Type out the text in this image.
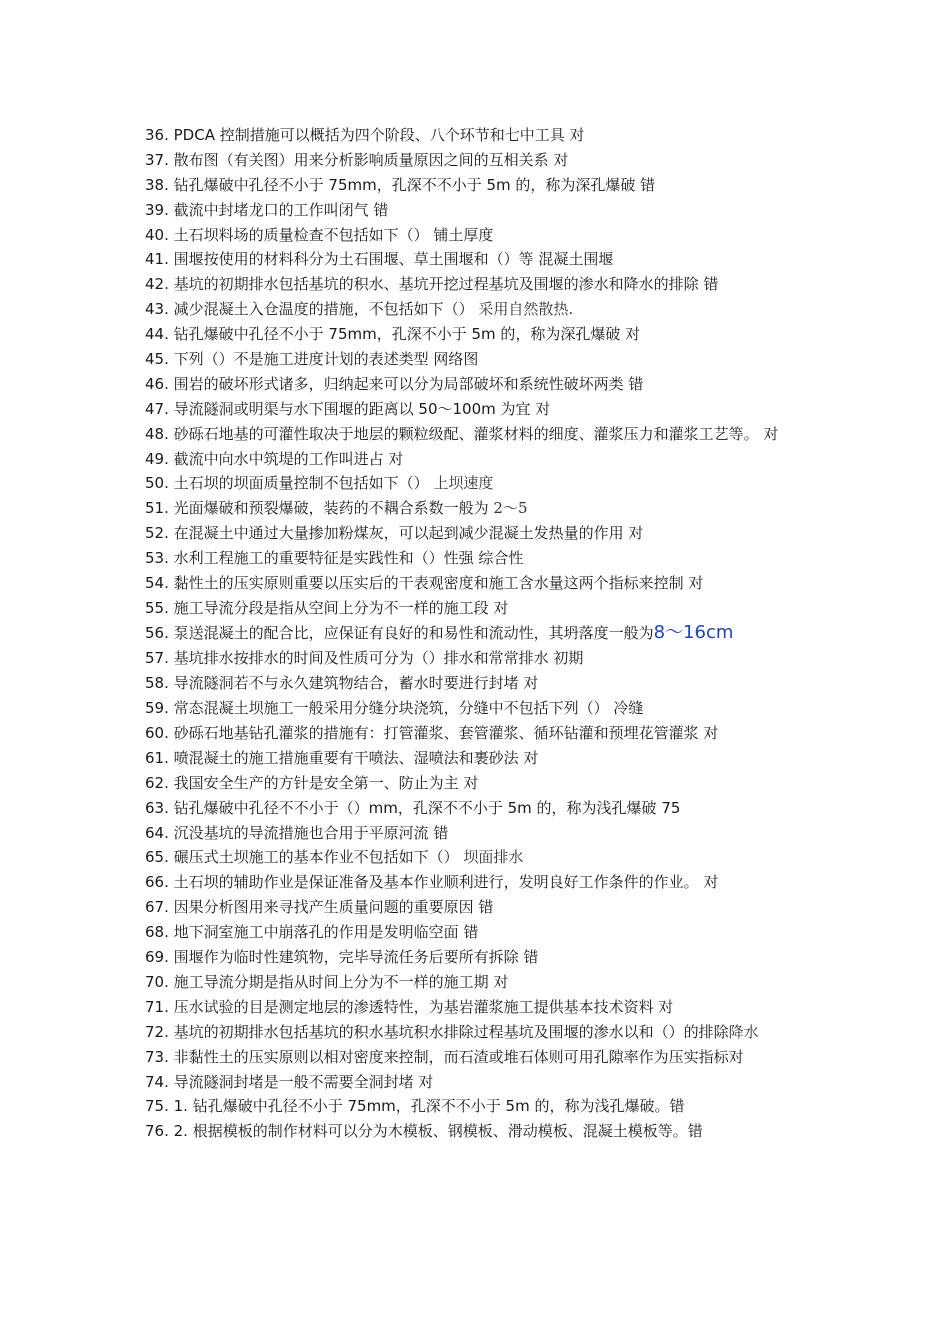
36. PDCA 控制措施可以概括为四个阶段、八个环节和七中工具 对
37. 散布图（有关图）用来分析影响质量原因之间的互相关系 对
38. 钻孔爆破中孔径不小于 75mm，孔深不不小于 5m 的，称为深孔爆破 错
39. 截流中封堵龙口的工作叫闭气 错
40. 土石坝料场的质量检查不包括如下（） 铺土厚度
41. 围堰按使用的材料科分为土石围堰、草土围堰和（）等 混凝土围堰
42. 基坑的初期排水包括基坑的积水、基坑开挖过程基坑及围堰的渗水和降水的排除 错
43. 减少混凝土入仓温度的措施，不包括如下（） 采用自然散热.
44. 钻孔爆破中孔径不小于 75mm，孔深不小于 5m 的，称为深孔爆破 对
45. 下列（）不是施工进度计划的表述类型 网络图
46. 围岩的破坏形式诸多，归纳起来可以分为局部破坏和系统性破坏两类 错
47. 导流隧洞或明渠与水下围堰的距离以 50～100m 为宜 对
48. 砂砾石地基的可灌性取决于地层的颗粒级配、灌浆材料的细度、灌浆压力和灌浆工艺等。 对
49. 截流中向水中筑堤的工作叫进占 对
50. 土石坝的坝面质量控制不包括如下（） 上坝速度
51. 光面爆破和预裂爆破，装药的不耦合系数一般为 2～5
52. 在混凝土中通过大量掺加粉煤灰，可以起到减少混凝土发热量的作用 对
53. 水利工程施工的重要特征是实践性和（）性强 综合性
54. 黏性土的压实原则重要以压实后的干表观密度和施工含水量这两个指标来控制 对
55. 施工导流分段是指从空间上分为不一样的施工段 对
56. 泵送混凝土的配合比，应保证有良好的和易性和流动性，其坍落度一般为8～16cm
57. 基坑排水按排水的时间及性质可分为（）排水和常常排水 初期
58. 导流隧洞若不与永久建筑物结合，蓄水时要进行封堵 对
59. 常态混凝土坝施工一般采用分缝分块浇筑，分缝中不包括下列（） 冷缝
60. 砂砾石地基钻孔灌浆的措施有：打管灌浆、套管灌浆、循环钻灌和预埋花管灌浆 对
61. 喷混凝土的施工措施重要有干喷法、湿喷法和裹砂法 对
62. 我国安全生产的方针是安全第一、防止为主 对
63. 钻孔爆破中孔径不不小于（）mm，孔深不不小于 5m 的，称为浅孔爆破 75
64. 沉没基坑的导流措施也合用于平原河流 错
65. 碾压式土坝施工的基本作业不包括如下（） 坝面排水
66. 土石坝的辅助作业是保证准备及基本作业顺利进行，发明良好工作条件的作业。 对
67. 因果分析图用来寻找产生质量问题的重要原因 错
68. 地下洞室施工中崩落孔的作用是发明临空面 错
69. 围堰作为临时性建筑物，完毕导流任务后要所有拆除 错
70. 施工导流分期是指从时间上分为不一样的施工期 对
71. 压水试验的目是测定地层的渗透特性，为基岩灌浆施工提供基本技术资料 对
72. 基坑的初期排水包括基坑的积水基坑积水排除过程基坑及围堰的渗水以和（）的排除降水
73. 非黏性土的压实原则以相对密度来控制，而石渣或堆石体则可用孔隙率作为压实指标对
74. 导流隧洞封堵是一般不需要全洞封堵 对
75. 1. 钻孔爆破中孔径不小于 75mm，孔深不不小于 5m 的，称为浅孔爆破。错
76. 2. 根据模板的制作材料可以分为木模板、钢模板、滑动模板、混凝土模板等。错
